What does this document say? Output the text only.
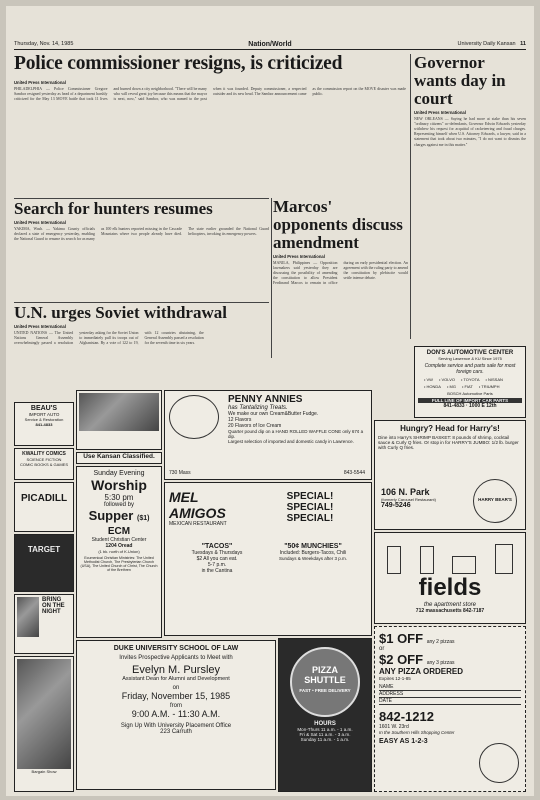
Thursday, Nov. 14, 1985	Nation/World	University Daily Kansan 11
Police commissioner resigns, is criticized
United Press International
PHILADELPHIA — Police Commissioner Gregore Sambor resigned yesterday as head of a department harshly criticized for the May 13 MOVE battle that took 11 lives and burned down a city neighborhood. "There will be many who will reveal great joy because this means that the mayor is next, now," said Sambor, who was named to the post when it was founded. Deputy commissioner, a respected outsider and its new head. The Sambor announcement came as the commission report on the MOVE disaster was made public.
Governor wants day in court
United Press International
NEW ORLEANS — Saying he had more at stake than his seven "ordinary citizens" co-defendants, Governor Edwin Edwards yesterday withdrew his request for acquittal of racketeering and fraud charges. Representing himself when U.S. Attorney Edwards, a lawyer, said in a statement that took about two minutes, "I do not want to dismiss the charges against me in this matter."
Search for hunters resumes
United Press International
YAKIMA, Wash. — Yakima County officials declared a state of emergency yesterday, enabling the National Guard to resume its search for as many as 100 elk hunters reported missing in the Cascade Mountains where two people already have died. The state earlier grounded the National Guard helicopters, invoking its emergency powers.
Marcos' opponents discuss amendment
United Press International
MANILA, Philippines — Opposition lawmakers said yesterday they are discussing the possibility of amending the constitution to allow President Ferdinand Marcos to remain in office during an early presidential election. An agreement with the ruling party to amend the constitution by plebiscite would settle intense debate.
U.N. urges Soviet withdrawal
United Press International
UNITED NATIONS — The United Nations General Assembly overwhelmingly passed a resolution yesterday asking for the Soviet Union to immediately pull its troops out of Afghanistan. By a vote of 122 to 19, with 12 countries abstaining, the General Assembly passed a resolution for the seventh time in six years.
DON'S AUTOMOTIVE CENTER
Serving Lawrence & KU Since 1975
Complete service and parts sale for most foreign cars.
• VW • VOLVO • TOYOTA • NISSAN
• HONDA • MG • FIAT • TRIUMPH
BOSCH Automotive Parts
FULL LINE OF IMPORT CAR PARTS
841-4833 · 1000 E 12th
BEAU'S
IMPORT AUTO
Service & Restoration
841-4833
KWALITY COMICS
SCIENCE FICTION
COMIC BOOKS & GAMES
PICADILL
TARGET
BRING ON THE NIGHT
Bargain Show
Use Kansan Classified.
Sunday Evening
Worship
5:30 pm
followed by
Supper ($1)
ECM
Student Christian Center
1204 Oread
(1 bk. north of K.Union)
Ecumenical Christian Ministries: The United Methodist Church, The Presbyterian Church (USA), The United Church of Christ, The Church of the Brethren
PENNY ANNIES
has Tantalizing Treats.
We make our own Cream&Butter Fudge.
12 Flavors
20 Flavors of Ice Cream
Quarter pound dip on a HAND ROLLED WAFFLE CONE only 67¢ a dip.
Largest selection of imported and domestic candy in Lawrence.
730 Mass	843-5544
Hungry? Head for Harry's!
Dine into Harry's SHRIMP BASKET: 8 pounds of shrimp, cocktail sauce & Curly Q fries. Or stop in for HARRY'S JUMBO: 1/2 lb. burger with Curly Q fries.
106 N. Park
(formerly Carousel Restaurant)
749-5246
HARRY BEAR'S
MEL AMIGOS
MEXICAN RESTAURANT
SPECIAL!
SPECIAL!
SPECIAL!
"TACOS"
Tuesdays & Thursdays
$2 All you can eat.
5-7 p.m.
in the Cantina
"50¢ MUNCHIES"
Included: Burgers-Tacos, Chili
Sundays & Weekdays after 3 p.m.
fields
the apartment store
712 massachusetts 842-7187
DUKE UNIVERSITY SCHOOL OF LAW
Invites Prospective Applicants to Meet with
Evelyn M. Pursley
Assistant Dean for Alumni and Development
on
Friday, November 15, 1985
from
9:00 A.M. - 11:30 A.M.
Sign Up With University Placement Office
223 Carruth
PIZZA SHUTTLE
FAST • FREE DELIVERY
HOURS
Mon-Thurs 11 a.m. - 1 a.m.
Fri & Sat 11 a.m. - 3 a.m.
Sunday 11 a.m. - 1 a.m.
$1 OFF any 2 pizzas
or
$2 OFF any 3 pizzas
ANY PIZZA ORDERED
Expires 12-1-85
NAME
ADDRESS
DATE
842-1212
1601 W. 23rd
In the Southern Hills Shopping Center
EASY AS 1-2-3
